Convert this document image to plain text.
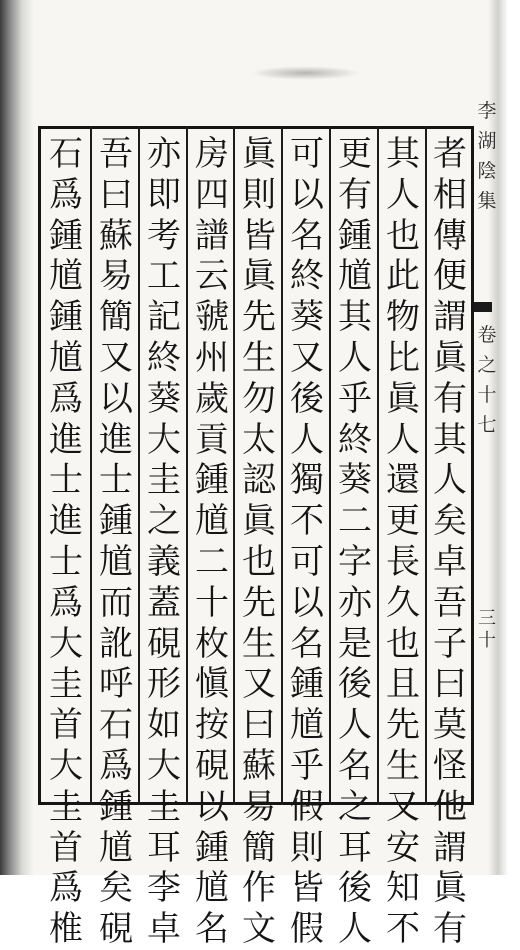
者
相
傳
便
謂
眞
有
其
人
矣
卓
吾
子
曰
莫
怪
他
謂
眞
有
其
人
也
此
物
比
眞
人
還
更
長
久
也
且
先
生
又
安
知
不
更
有
鍾
馗
其
人
乎
終
葵
二
字
亦
是
後
人
名
之
耳
後
人
可
以
名
終
葵
又
後
人
獨
不
可
以
名
鍾
馗
乎
假
則
皆
假
眞
則
皆
眞
先
生
勿
太
認
眞
也
先
生
又
曰
蘇
易
簡
作
文
房
四
譜
云
虢
州
歲
貢
鍾
馗
二
十
枚
愼
按
硯
以
鍾
馗
名
亦
即
考
工
記
終
葵
大
圭
之
義
蓋
硯
形
如
大
圭
耳
李
卓
吾
曰
蘇
易
簡
又
以
進
士
鍾
馗
而
訛
呼
石
爲
鍾
馗
矣
硯
石
爲
鍾
馗
鍾
馗
爲
進
士
進
士
爲
大
圭
首
大
圭
首
爲
椎
李
湖
陰
集
卷
之
十
七
三十
